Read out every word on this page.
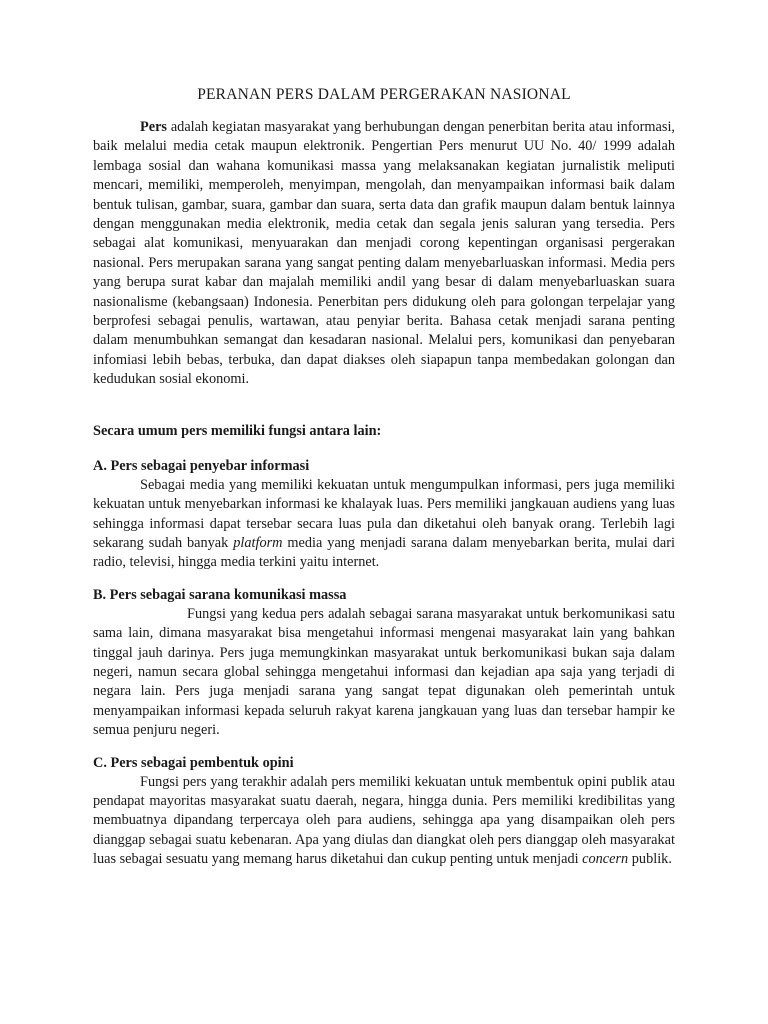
PERANAN PERS DALAM PERGERAKAN NASIONAL

Pers adalah kegiatan masyarakat yang berhubungan dengan penerbitan berita atau informasi, baik melalui media cetak maupun elektronik. Pengertian Pers menurut UU No. 40/ 1999 adalah lembaga sosial dan wahana komunikasi massa yang melaksanakan kegiatan jurnalistik meliputi mencari, memiliki, memperoleh, menyimpan, mengolah, dan menyampaikan informasi baik dalam bentuk tulisan, gambar, suara, gambar dan suara, serta data dan grafik maupun dalam bentuk lainnya dengan menggunakan media elektronik, media cetak dan segala jenis saluran yang tersedia. Pers sebagai alat komunikasi, menyuarakan dan menjadi corong kepentingan organisasi pergerakan nasional. Pers merupakan sarana yang sangat penting dalam menyebarluaskan informasi. Media pers yang berupa surat kabar dan majalah memiliki andil yang besar di dalam menyebarluaskan suara nasionalisme (kebangsaan) Indonesia. Penerbitan pers didukung oleh para golongan terpelajar yang berprofesi sebagai penulis, wartawan, atau penyiar berita. Bahasa cetak menjadi sarana penting dalam menumbuhkan semangat dan kesadaran nasional. Melalui pers, komunikasi dan penyebaran infomiasi lebih bebas, terbuka, dan dapat diakses oleh siapapun tanpa membedakan golongan dan kedudukan sosial ekonomi.

Secara umum pers memiliki fungsi antara lain:
A. Pers sebagai penyebar informasi

Sebagai media yang memiliki kekuatan untuk mengumpulkan informasi, pers juga memiliki kekuatan untuk menyebarkan informasi ke khalayak luas. Pers memiliki jangkauan audiens yang luas sehingga informasi dapat tersebar secara luas pula dan diketahui oleh banyak orang. Terlebih lagi sekarang sudah banyak platform media yang menjadi sarana dalam menyebarkan berita, mulai dari radio, televisi, hingga media terkini yaitu internet.

B. Pers sebagai sarana komunikasi massa

Fungsi yang kedua pers adalah sebagai sarana masyarakat untuk berkomunikasi satu sama lain, dimana masyarakat bisa mengetahui informasi mengenai masyarakat lain yang bahkan tinggal jauh darinya. Pers juga memungkinkan masyarakat untuk berkomunikasi bukan saja dalam negeri, namun secara global sehingga mengetahui informasi dan kejadian apa saja yang terjadi di negara lain. Pers juga menjadi sarana yang sangat tepat digunakan oleh pemerintah untuk menyampaikan informasi kepada seluruh rakyat karena jangkauan yang luas dan tersebar hampir ke semua penjuru negeri.

C. Pers sebagai pembentuk opini

Fungsi pers yang terakhir adalah pers memiliki kekuatan untuk membentuk opini publik atau pendapat mayoritas masyarakat suatu daerah, negara, hingga dunia. Pers memiliki kredibilitas yang membuatnya dipandang terpercaya oleh para audiens, sehingga apa yang disampaikan oleh pers dianggap sebagai suatu kebenaran. Apa yang diulas dan diangkat oleh pers dianggap oleh masyarakat luas sebagai sesuatu yang memang harus diketahui dan cukup penting untuk menjadi concern publik.
